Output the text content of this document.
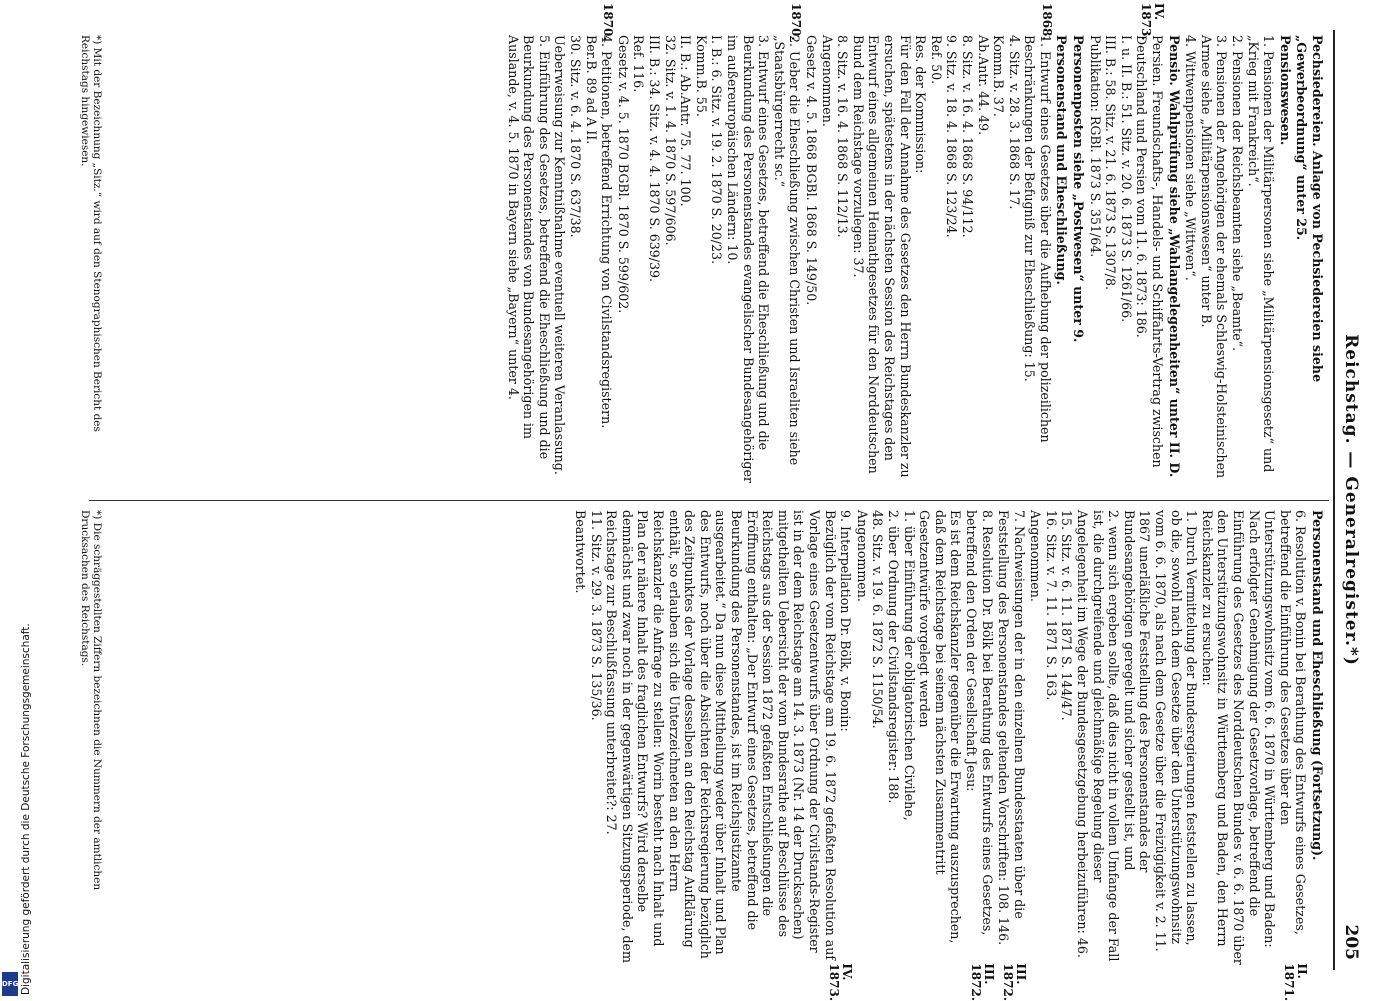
Reichstag. — Generalregister.*)
205
Pechsiedereien. Anlage von Pechsiedereien siehe „Gewerbeordnung“ unter 25.
Pensionswesen.
1. Pensionen der Militärpersonen siehe „Militärpensionsgesetz“ und „Krieg mit Frankreich“.
2. Pensionen der Reichsbeamten siehe „Beamte“.
3. Pensionen der Angehörigen der ehemals Schleswig-Holsteinischen Armee siehe „Militärpensionswesen“ unter B.
4. Wittwenpensionen siehe „Wittwen“.
Pensio. Wahlprüfung siehe „Wahlangelegenheiten“ unter II. D.
IV.
1873.
Persien. Freundschafts-, Handels- und Schiffahrts-Vertrag zwischen Deutschland und Persien vom 11. 6. 1873: 186.
I. u. II. B.: 51. Sitz. v. 20. 6. 1873 S. 1261/66.
III. B.: 58. Sitz. v. 21. 6. 1873 S. 1307/8.
Publikation: RGBl. 1873 S. 351/64.
Personenposten siehe „Postwesen“ unter 9.
Personenstand und Eheschließung.
1868.
1. Entwurf eines Gesetzes über die Aufhebung der polizeilichen Beschränkungen der Befugniß zur Eheschließung: 15.
4. Sitz. v. 28. 3. 1868 S. 17.
Komm.B. 37.
Ab.Antr. 44. 49.
8. Sitz. v. 16. 4. 1868 S. 94/112.
9. Sitz. v. 18. 4. 1868 S. 123/24.
Ref. 50.
Res. der Kommission:
Für den Fall der Annahme des Gesetzes den Herrn Bundeskanzler zu ersuchen, spätestens in der nächsten Session des Reichstages den Entwurf eines allgemeinen Heimathgesetzes für den Norddeutschen Bund dem Reichstage vorzulegen: 37.
8. Sitz. v. 16. 4. 1868 S. 112/13.
Angenommen.
Gesetz v. 4. 5. 1868 BGBl. 1868 S. 149/50.
1870.
2. Ueber die Eheschließung zwischen Christen und Israeliten siehe „Staatsbürgerrecht sc.“
3. Entwurf eines Gesetzes, betreffend die Eheschließung und die Beurkundung des Personenstandes evangelischer Bundesangehöriger im außereuropäischen Ländern: 10.
I. B.: 6. Sitz. v. 19. 2. 1870 S. 20/23.
Komm.B. 55.
II. B.: Ab.Antr. 75. 77. 100.
32. Sitz. v. 1. 4. 1870 S. 597/606.
III. B.: 34. Sitz. v. 4. 4. 1870 S. 639/39.
Ref. 116.
Gesetz v. 4. 5. 1870 BGBl. 1870 S. 599/602.
1870.
4. Petitionen, betreffend Errichtung von Civilstandsregistern.
Ber.B. 89 ad A II.
30. Sitz. v. 6. 4. 1870 S. 637/38.
Ueberweisung zur Kenntnißnahme eventuell weiteren Veranlassung.
5. Einführung des Gesetzes, betreffend die Eheschließung und die Beurkundung des Personenstandes von Bundesangehörigen im Auslande, v. 4. 5. 1870 in Bayern siehe „Bayern“ unter 4.
Personenstand und Eheschließung (Fortsetzung).
II.
1871.
6. Resolution v. Bonin bei Berathung des Entwurfs eines Gesetzes, betreffend die Einführung des Gesetzes über den Unterstützungswohnsitz vom 6. 6. 1870 in Württemberg und Baden:
Nach erfolgter Genehmigung der Gesetzvorlage, betreffend die Einführung des Gesetzes des Norddeutschen Bundes v. 6. 6. 1870 über den Unterstützungswohnsitz in Württemberg und Baden, den Herrn Reichskanzler zu ersuchen:
1. Durch Vermittelung der Bundesregierungen feststellen zu lassen, ob die, sowohl nach dem Gesetze über den Unterstützungswohnsitz vom 6. 6. 1870, als nach dem Gesetze über die Freizügigkeit v. 2. 11. 1867 unerläßliche Feststellung des Personenstandes der Bundesangehörigen geregelt und sicher gestellt ist, und
2. wenn sich ergeben sollte, daß dies nicht in vollem Umfange der Fall ist, die durchgreifende und gleichmäßige Regelung dieser Angelegenheit im Wege der Bundesgesetzgebung herbeizuführen: 46.
15. Sitz. v. 6. 11. 1871 S. 144/47.
16. Sitz. v. 7. 11. 1871 S. 163.
Angenommen.
III.
1872.
7. Nachweisungen der in den einzelnen Bundesstaaten über die Feststellung des Personenstandes geltenden Vorschriften: 108. 146.
III.
1872.
8. Resolution Dr. Bölk bei Berathung des Entwurfs eines Gesetzes, betreffend den Orden der Gesellschaft Jesu:
Es ist dem Reichskanzler gegenüber die Erwartung auszusprechen, daß dem Reichstage bei seinem nächsten Zusammentritt Gesetzentwürfe vorgelegt werden
1. über Einführung der obligatorischen Civilehe,
2. über Ordnung der Civilstandsregister: 188.
48. Sitz. v. 19. 6. 1872 S. 1150/54.
Angenommen.
IV.
1873.
9. Interpellation Dr. Bölk, v. Bonin:
Bezüglich der vom Reichstage am 19. 6. 1872 gefaßten Resolution auf Vorlage eines Gesetzentwurfs über Ordnung der Civilstands-Register ist in der dem Reichstage am 14. 3. 1873 (Nr. 14 der Drucksachen) mitgetheilten Uebersicht der vom Bundesrathe auf Beschlüsse des Reichstags aus der Session 1872 gefaßten Entschließungen die Eröffnung enthalten: „Der Entwurf eines Gesetzes, betreffend die Beurkundung des Personenstandes, ist im Reichsjustizamte ausgearbeitet.“ Da nun diese Mittheilung weder über Inhalt und Plan des Entwurfs, noch über die Absichten der Reichsregierung bezüglich des Zeitpunktes der Vorlage desselben an den Reichstag Aufklärung enthält, so erlauben sich die Unterzeichneten an den Herrn Reichskanzler die Anfrage zu stellen: Worin besteht nach Inhalt und Plan der nähere Inhalt des fraglichen Entwurfs? Wird derselbe demnächst und zwar noch in der gegenwärtigen Sitzungsperiode, dem Reichstage zur Beschlußfassung unterbreitet?: 27.
11. Sitz. v. 29. 3. 1873 S. 135/36.
Beantwortet.
*) Mit der Bezeichnung „Sitz.“ wird auf den Stenographischen Bericht des Reichstags hingewiesen.
*) Die schräggestellten Ziffern bezeichnen die Nummern der amtlichen Drucksachen des Reichstags.
Digitalisierung gefördert durch die Deutsche Forschungsgemeinschaft.
DFG
